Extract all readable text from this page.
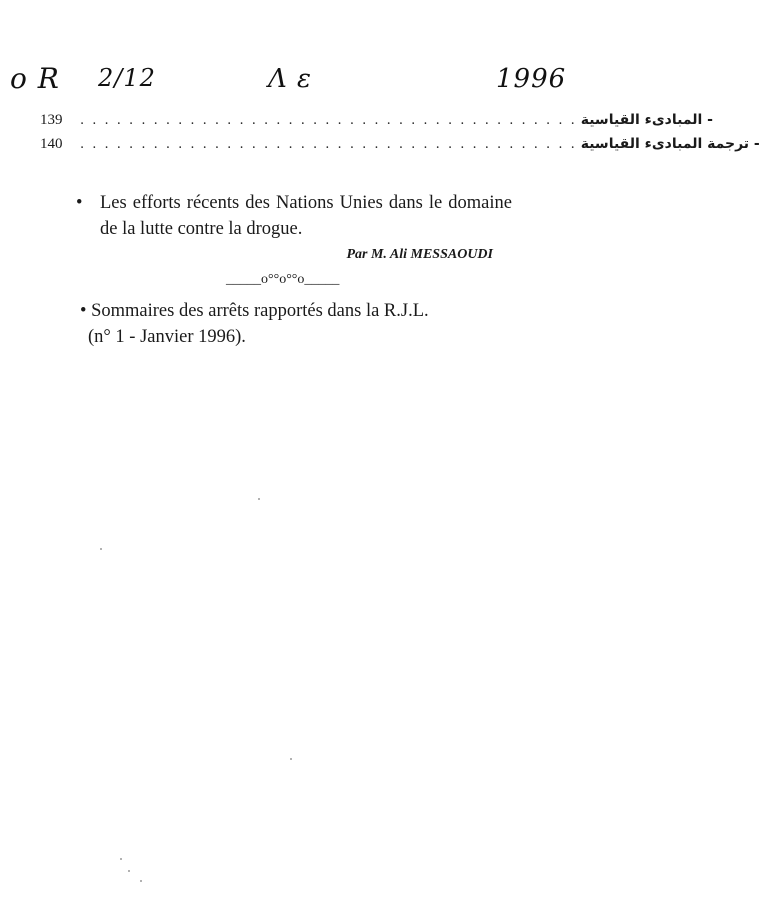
o R 2/12	Λ ε	1996
139	. . . . . . . . . . . . . . . . . . . . . . . . . . . . . . . . . . . . . . . . . - المبادىء القياسية
140	. . . . . . . . . . . . . . . . . . . . . . . . . . . . . . . . . . . . . . . . . - ترجمة المبادىء القياسية
• Les efforts récents des Nations Unies dans le domaine de la lutte contre la drogue.
Par M. Ali MESSAOUDI
_____o°°o°°o_____
• Sommaires des arrêts rapportés dans la R.J.L.
(n° 1 - Janvier 1996).
